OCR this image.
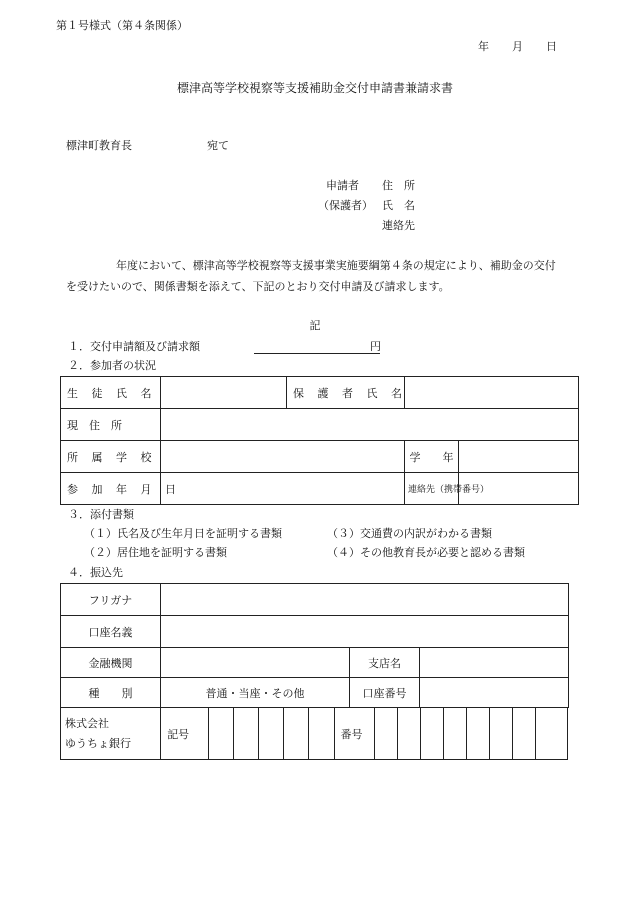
第１号様式（第４条関係）
年 月 日
標津高等学校視察等支援補助金交付申請書兼請求書
標津町教育長	宛て
申請者
（保護者）
住　所
氏　名
連絡先
年度において、標津高等学校視察等支援事業実施要綱第４条の規定により、補助金の交付
を受けたいので、関係書類を添えて、下記のとおり交付申請及び請求します。
記
１．交付申請額及び請求額	円
２．参加者の状況
生 徒 氏 名		保 護 者 氏 名		
現　住　所				
所 属 学 校			学　　年	
参 加 年 月 日			連絡先（携帯番号）	
３．添付書類
（１）氏名及び生年月日を証明する書類	（３）交通費の内訳がわかる書類
（２）居住地を証明する書類	（４）その他教育長が必要と認める書類
４．振込先
フリガナ			
口座名義			
金融機関		支店名	
種　　別	普通・当座・その他	口座番号	
株式会社
ゆうちょ銀行
	記号						番号								
